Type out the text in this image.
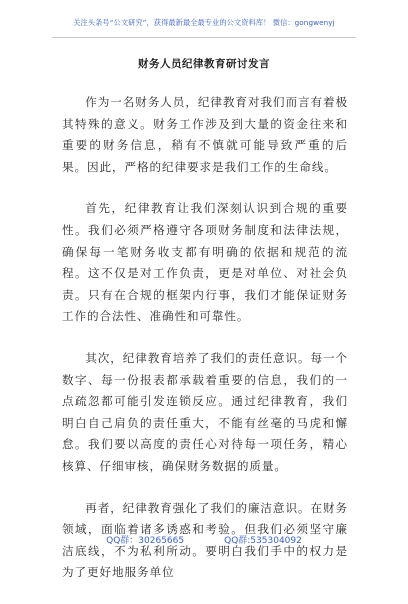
关注头条号“公文研究”，获得最新最全最专业的公文资料库！ 微信：gongwenyj
财务人员纪律教育研讨发言

作为一名财务人员，纪律教育对我们而言有着极其特殊的意义。财务工作涉及到大量的资金往来和重要的财务信息，稍有不慎就可能导致严重的后果。因此，严格的纪律要求是我们工作的生命线。

首先，纪律教育让我们深刻认识到合规的重要性。我们必须严格遵守各项财务制度和法律法规，确保每一笔财务收支都有明确的依据和规范的流程。这不仅是对工作负责，更是对单位、对社会负责。只有在合规的框架内行事，我们才能保证财务工作的合法性、准确性和可靠性。

其次，纪律教育培养了我们的责任意识。每一个数字、每一份报表都承载着重要的信息，我们的一点疏忽都可能引发连锁反应。通过纪律教育，我们明白自己肩负的责任重大，不能有丝毫的马虎和懈怠。我们要以高度的责任心对待每一项任务，精心核算、仔细审核，确保财务数据的质量。

再者，纪律教育强化了我们的廉洁意识。在财务领域，面临着诸多诱惑和考验。但我们必须坚守廉洁底线，不为私利所动。要明白我们手中的权力是为了更好地服务单位

QQ群：30265665	QQ群:535304092
